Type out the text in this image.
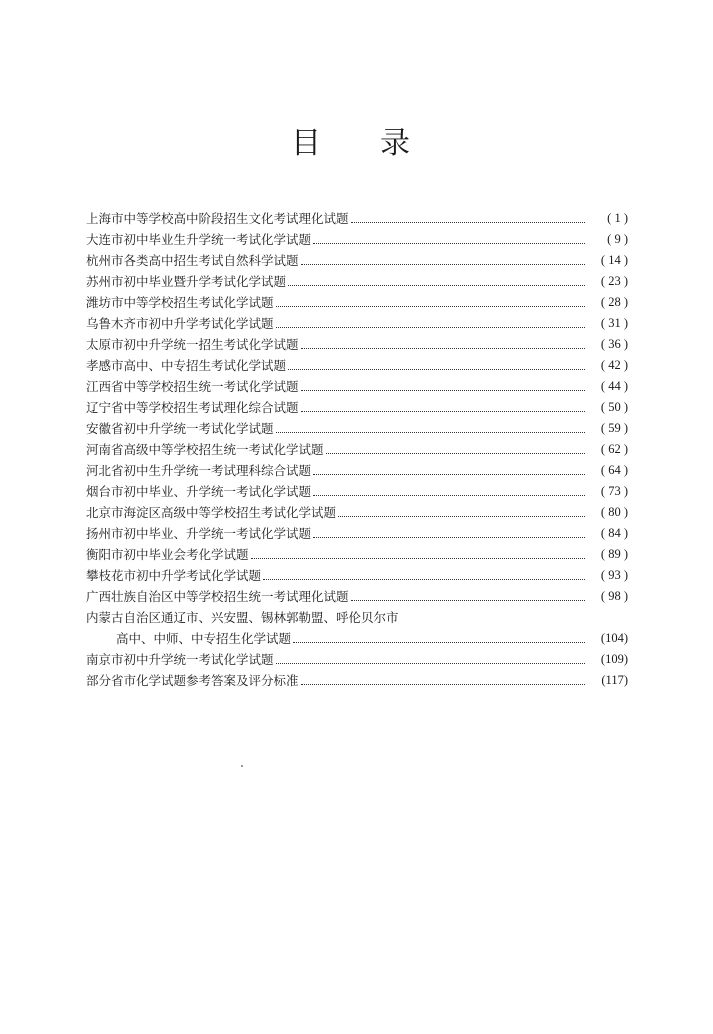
目 录
上海市中等学校高中阶段招生文化考试理化试题	( 1 )
大连市初中毕业生升学统一考试化学试题	( 9 )
杭州市各类高中招生考试自然科学试题	( 14 )
苏州市初中毕业暨升学考试化学试题	( 23 )
潍坊市中等学校招生考试化学试题	( 28 )
乌鲁木齐市初中升学考试化学试题	( 31 )
太原市初中升学统一招生考试化学试题	( 36 )
孝感市高中、中专招生考试化学试题	( 42 )
江西省中等学校招生统一考试化学试题	( 44 )
辽宁省中等学校招生考试理化综合试题	( 50 )
安徽省初中升学统一考试化学试题	( 59 )
河南省高级中等学校招生统一考试化学试题	( 62 )
河北省初中生升学统一考试理科综合试题	( 64 )
烟台市初中毕业、升学统一考试化学试题	( 73 )
北京市海淀区高级中等学校招生考试化学试题	( 80 )
扬州市初中毕业、升学统一考试化学试题	( 84 )
衡阳市初中毕业会考化学试题	( 89 )
攀枝花市初中升学考试化学试题	( 93 )
广西壮族自治区中等学校招生统一考试理化试题	( 98 )
内蒙古自治区通辽市、兴安盟、锡林郭勒盟、呼伦贝尔市
高中、中师、中专招生化学试题	(104)
南京市初中升学统一考试化学试题	(109)
部分省市化学试题参考答案及评分标准	(117)
